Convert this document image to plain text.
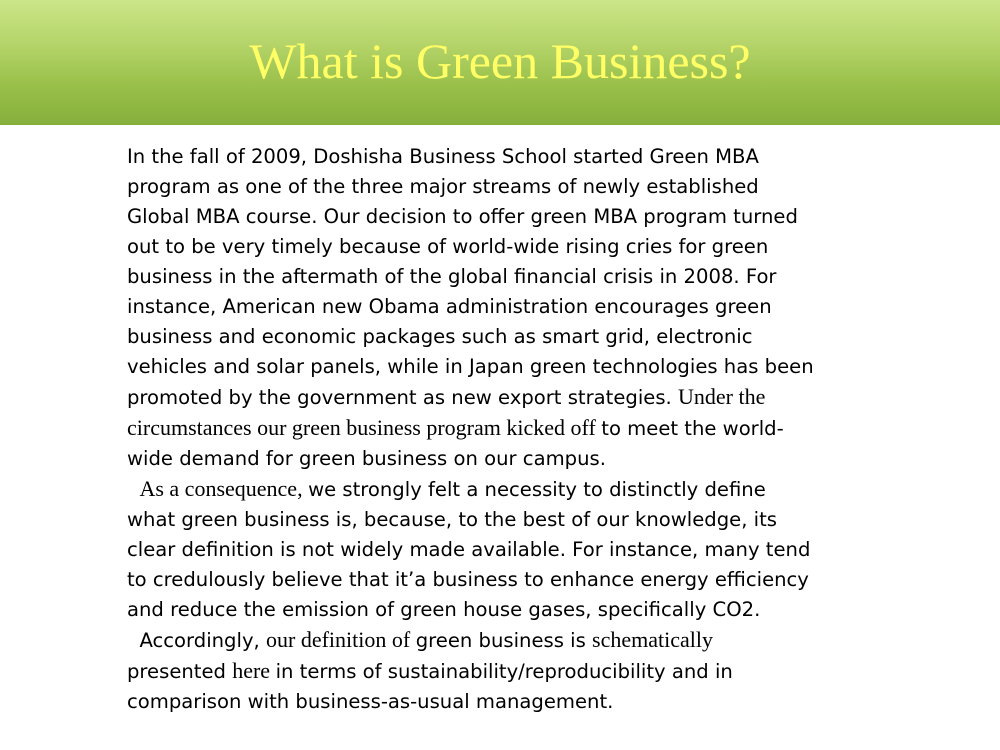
What is Green Business?
In the fall of 2009, Doshisha Business School started Green MBA
program as one of the three major streams of newly established
Global MBA course. Our decision to offer green MBA program turned
out to be very timely because of world-wide rising cries for green
business in the aftermath of the global financial crisis in 2008. For
instance, American new Obama administration encourages green
business and economic packages such as smart grid, electronic
vehicles and solar panels, while in Japan green technologies has been
promoted by the government as new export strategies. Under the
circumstances our green business program kicked off to meet the world-
wide demand for green business on our campus.
As a consequence, we strongly felt a necessity to distinctly define
what green business is, because, to the best of our knowledge, its
clear definition is not widely made available. For instance, many tend
to credulously believe that it’a business to enhance energy efficiency
and reduce the emission of green house gases, specifically CO2.
Accordingly, our definition of green business is schematically
presented here in terms of sustainability/reproducibility and in
comparison with business-as-usual management.
